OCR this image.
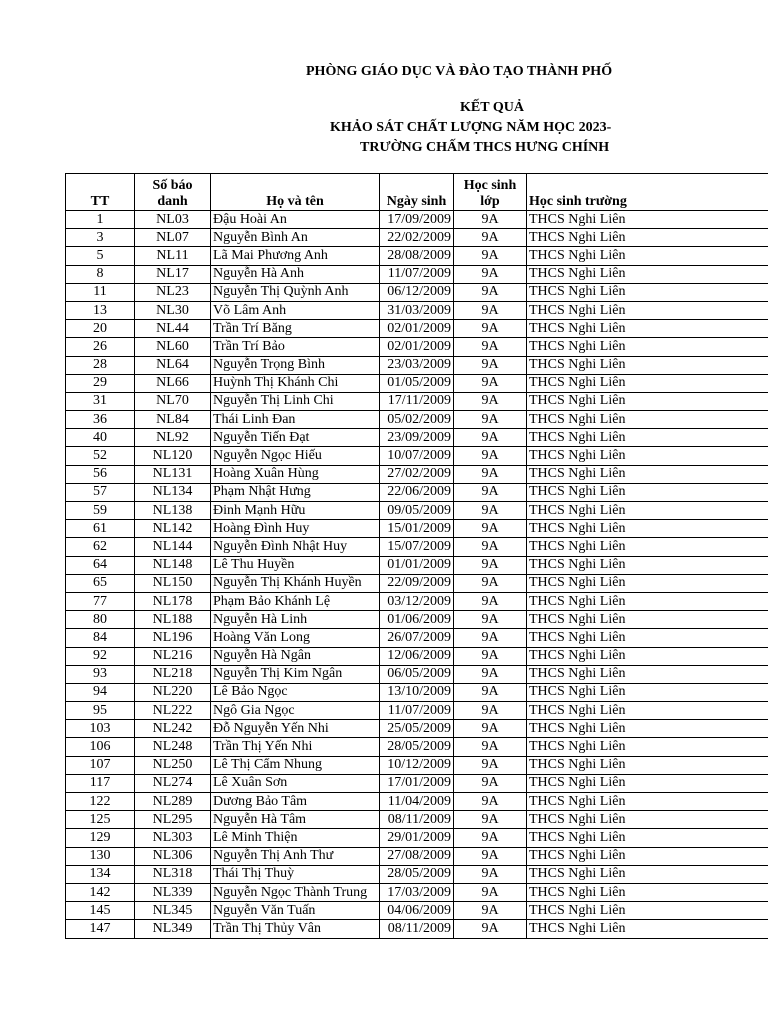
PHÒNG GIÁO DỤC VÀ ĐÀO TẠO THÀNH PHỐ
KẾT QUẢ
KHẢO SÁT CHẤT LƯỢNG NĂM HỌC 2023-
TRƯỜNG CHẤM THCS HƯNG CHÍNH
TT	Số báo danh	Họ và tên	Ngày sinh	Học sinh lớp	Học sinh trường
1	NL03	Đậu Hoài An	17/09/2009	9A	THCS Nghi Liên
3	NL07	Nguyễn Bình An	22/02/2009	9A	THCS Nghi Liên
5	NL11	Lã Mai Phương Anh	28/08/2009	9A	THCS Nghi Liên
8	NL17	Nguyễn Hà Anh	11/07/2009	9A	THCS Nghi Liên
11	NL23	Nguyễn Thị Quỳnh Anh	06/12/2009	9A	THCS Nghi Liên
13	NL30	Võ Lâm Anh	31/03/2009	9A	THCS Nghi Liên
20	NL44	Trần Trí Băng	02/01/2009	9A	THCS Nghi Liên
26	NL60	Trần Trí Bảo	02/01/2009	9A	THCS Nghi Liên
28	NL64	Nguyễn Trọng Bình	23/03/2009	9A	THCS Nghi Liên
29	NL66	Huỳnh Thị Khánh Chi	01/05/2009	9A	THCS Nghi Liên
31	NL70	Nguyễn Thị Linh Chi	17/11/2009	9A	THCS Nghi Liên
36	NL84	Thái Linh Đan	05/02/2009	9A	THCS Nghi Liên
40	NL92	Nguyễn Tiến Đạt	23/09/2009	9A	THCS Nghi Liên
52	NL120	Nguyễn Ngọc Hiếu	10/07/2009	9A	THCS Nghi Liên
56	NL131	Hoàng Xuân Hùng	27/02/2009	9A	THCS Nghi Liên
57	NL134	Phạm Nhật Hưng	22/06/2009	9A	THCS Nghi Liên
59	NL138	Đinh Mạnh Hữu	09/05/2009	9A	THCS Nghi Liên
61	NL142	Hoàng Đình Huy	15/01/2009	9A	THCS Nghi Liên
62	NL144	Nguyễn Đình Nhật Huy	15/07/2009	9A	THCS Nghi Liên
64	NL148	Lê Thu Huyền	01/01/2009	9A	THCS Nghi Liên
65	NL150	Nguyễn Thị Khánh Huyền	22/09/2009	9A	THCS Nghi Liên
77	NL178	Phạm Bảo Khánh Lệ	03/12/2009	9A	THCS Nghi Liên
80	NL188	Nguyễn Hà Linh	01/06/2009	9A	THCS Nghi Liên
84	NL196	Hoàng Văn Long	26/07/2009	9A	THCS Nghi Liên
92	NL216	Nguyễn Hà Ngân	12/06/2009	9A	THCS Nghi Liên
93	NL218	Nguyễn Thị Kim Ngân	06/05/2009	9A	THCS Nghi Liên
94	NL220	Lê Bảo Ngọc	13/10/2009	9A	THCS Nghi Liên
95	NL222	Ngô Gia Ngọc	11/07/2009	9A	THCS Nghi Liên
103	NL242	Đỗ Nguyễn Yến Nhi	25/05/2009	9A	THCS Nghi Liên
106	NL248	Trần Thị Yến Nhi	28/05/2009	9A	THCS Nghi Liên
107	NL250	Lê Thị Cẩm Nhung	10/12/2009	9A	THCS Nghi Liên
117	NL274	Lê Xuân Sơn	17/01/2009	9A	THCS Nghi Liên
122	NL289	Dương Bảo Tâm	11/04/2009	9A	THCS Nghi Liên
125	NL295	Nguyễn Hà Tâm	08/11/2009	9A	THCS Nghi Liên
129	NL303	Lê Minh Thiện	29/01/2009	9A	THCS Nghi Liên
130	NL306	Nguyễn Thị Anh Thư	27/08/2009	9A	THCS Nghi Liên
134	NL318	Thái Thị Thuỳ	28/05/2009	9A	THCS Nghi Liên
142	NL339	Nguyễn Ngọc Thành Trung	17/03/2009	9A	THCS Nghi Liên
145	NL345	Nguyễn Văn Tuấn	04/06/2009	9A	THCS Nghi Liên
147	NL349	Trần Thị Thủy Vân	08/11/2009	9A	THCS Nghi Liên
